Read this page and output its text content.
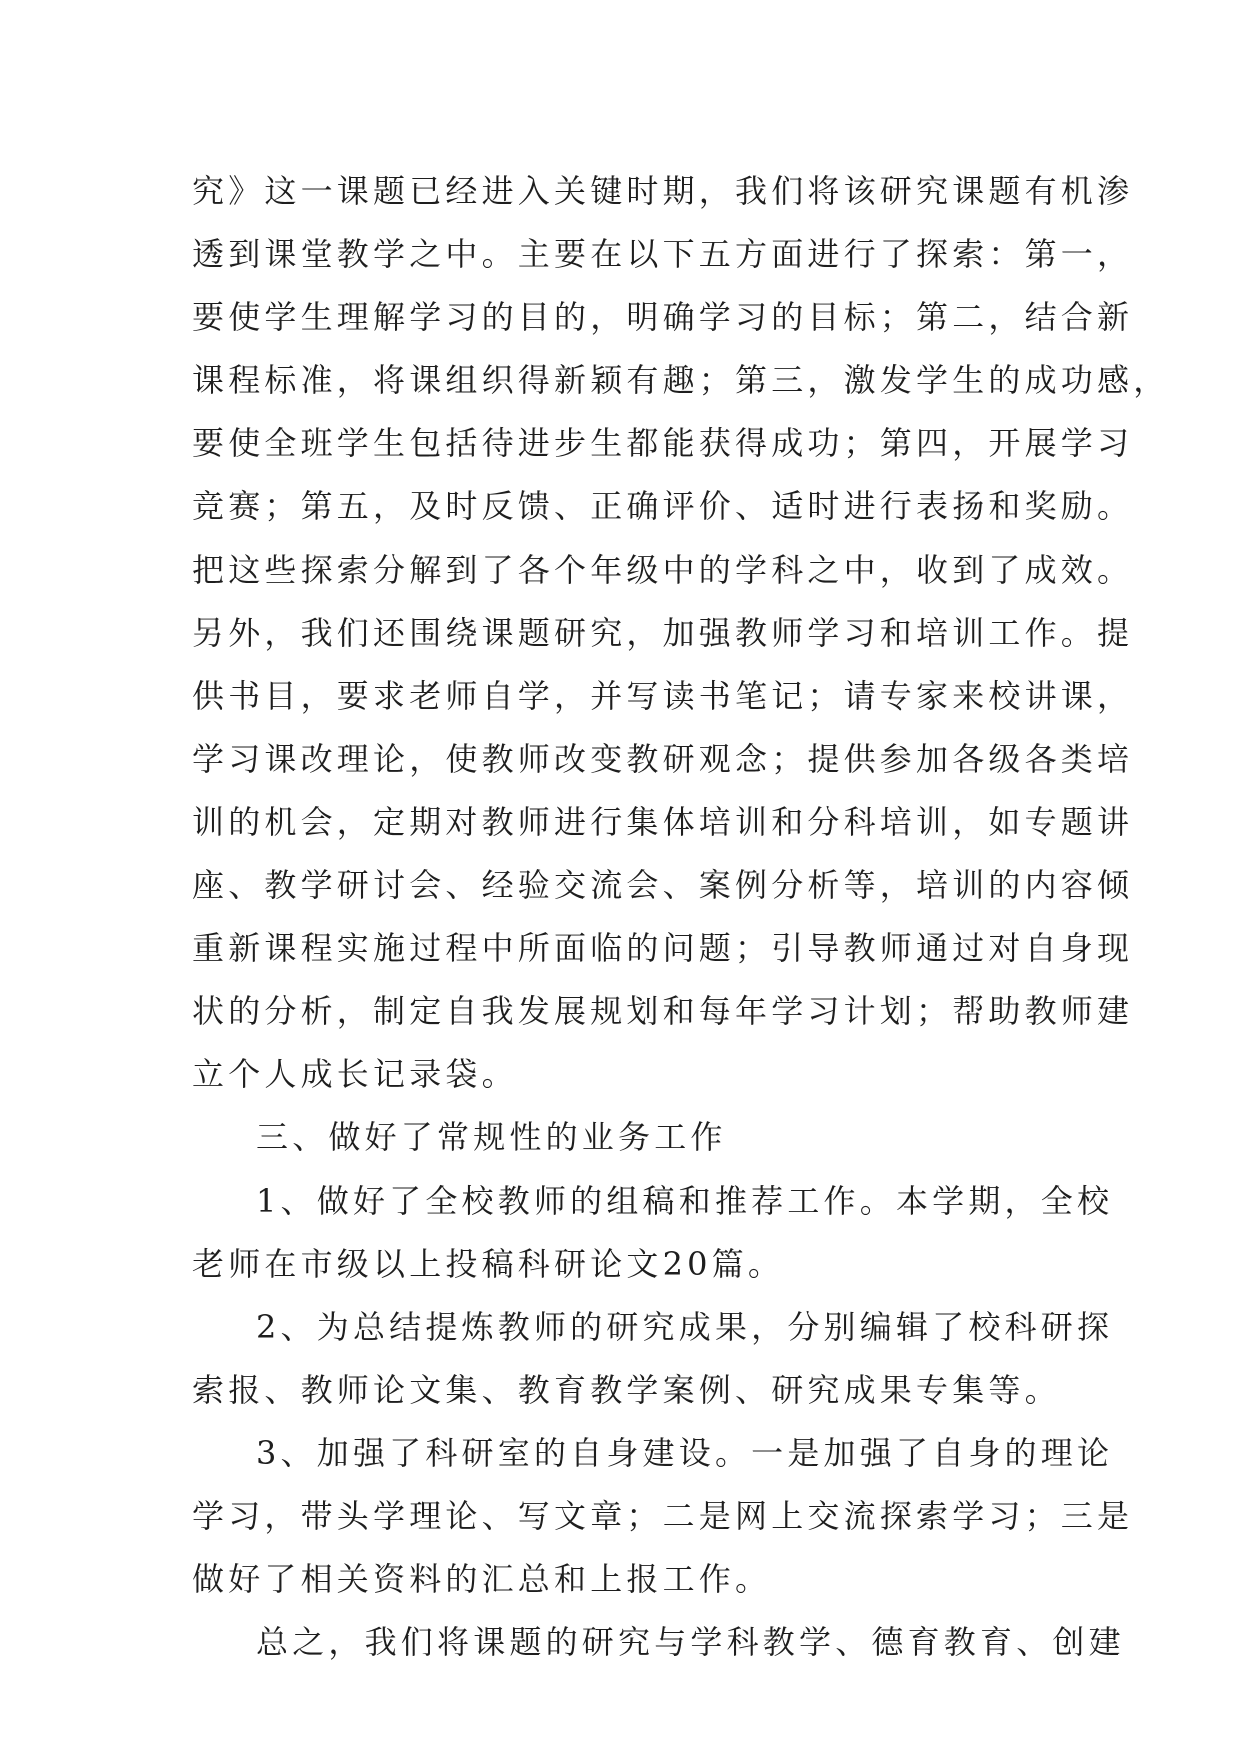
究》这一课题已经进入关键时期，我们将该研究课题有机渗
透到课堂教学之中。主要在以下五方面进行了探索：第一，
要使学生理解学习的目的，明确学习的目标；第二，结合新
课程标准，将课组织得新颖有趣；第三，激发学生的成功感，
要使全班学生包括待进步生都能获得成功；第四，开展学习
竞赛；第五，及时反馈、正确评价、适时进行表扬和奖励。
把这些探索分解到了各个年级中的学科之中，收到了成效。
另外，我们还围绕课题研究，加强教师学习和培训工作。提
供书目，要求老师自学，并写读书笔记；请专家来校讲课，
学习课改理论，使教师改变教研观念；提供参加各级各类培
训的机会，定期对教师进行集体培训和分科培训，如专题讲
座、教学研讨会、经验交流会、案例分析等，培训的内容倾
重新课程实施过程中所面临的问题；引导教师通过对自身现
状的分析，制定自我发展规划和每年学习计划；帮助教师建
立个人成长记录袋。
三、做好了常规性的业务工作
1、做好了全校教师的组稿和推荐工作。本学期，全校
老师在市级以上投稿科研论文20篇。
2、为总结提炼教师的研究成果，分别编辑了校科研探
索报、教师论文集、教育教学案例、研究成果专集等。
3、加强了科研室的自身建设。一是加强了自身的理论
学习，带头学理论、写文章；二是网上交流探索学习；三是
做好了相关资料的汇总和上报工作。
总之，我们将课题的研究与学科教学、德育教育、创建
